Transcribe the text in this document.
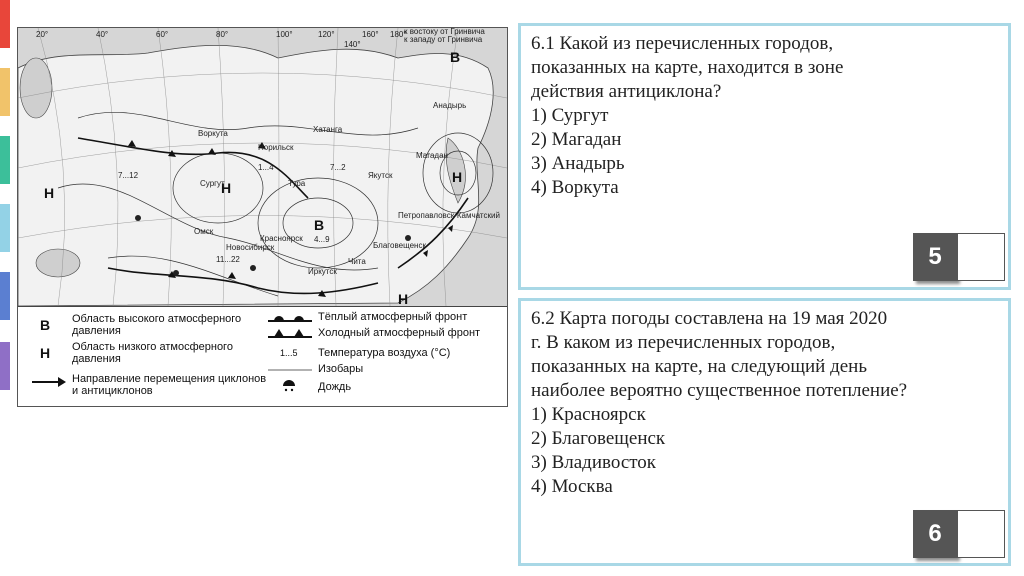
В
В
Н
Н
Н
Н
Воркута
Норильск
Хатанга
Сургут
Красноярск
Новосибирск
Омск
Тура
Якутск
Чита
Иркутск
Благовещенск
Магадан
Анадырь
Петропавловск-Камчатский
7...12
1...4	7...2
4...9
11...22
20°	40°	60°	80°	100°	120°
140°
160° 180°
к востоку от Гринвича
к западу от Гринвича
В Область высокого атмосферного давления
Н Область низкого атмосферного давления
Направление перемещения циклонов и антициклонов
Тёплый атмосферный фронт
Холодный атмосферный фронт
1...5 Температура воздуха (°С)
Изобары
Дождь
6.1 Какой из перечисленных городов,
показанных на карте, находится в зоне
действия антициклона?
1) Сургут
2) Магадан
3) Анадырь
4) Воркута
5
6.2 Карта погоды составлена на 19 мая 2020
г. В каком из перечисленных городов,
показанных на карте, на следующий день
наиболее вероятно существенное потепление?
1) Красноярск
2) Благовещенск
3) Владивосток
4) Москва
6
